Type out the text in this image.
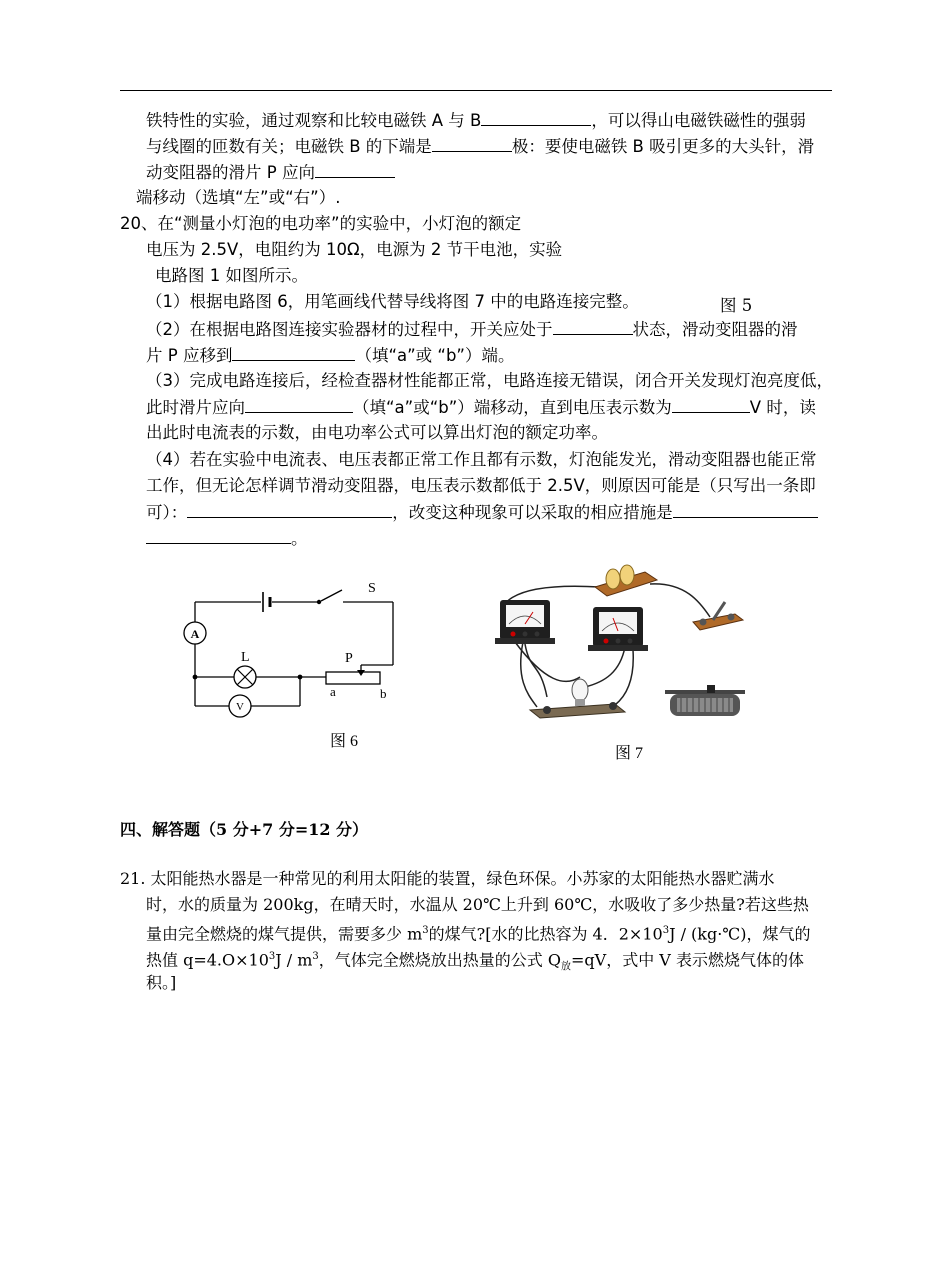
铁特性的实验，通过观察和比较电磁铁 A 与 B	，可以得山电磁铁磁性的强弱
与线圈的匝数有关；电磁铁 B 的下端是	极：要使电磁铁 B 吸引更多的大头针，滑
动变阻器的滑片 P 应向
端移动（选填“左”或“右”）.
20、在“测量小灯泡的电功率”的实验中，小灯泡的额定
电压为 2.5V，电阻约为 10Ω，电源为 2 节干电池，实验
电路图 1 如图所示。
（1）根据电路图 6，用笔画线代替导线将图 7 中的电路连接完整。	图 5
（2）在根据电路图连接实验器材的过程中，开关应处于	状态，滑动变阻器的滑
片 P 应移到	（填“a”或 “b”）端。
（3）完成电路连接后，经检查器材性能都正常，电路连接无错误，闭合开关发现灯泡亮度低，
此时滑片应向	（填“a”或“b”）端移动，直到电压表示数为	V 时，读
出此时电流表的示数，由电功率公式可以算出灯泡的额定功率。
（4）若在实验中电流表、电压表都正常工作且都有示数，灯泡能发光，滑动变阻器也能正常
工作，但无论怎样调节滑动变阻器，电压表示数都低于 2.5V，则原因可能是（只写出一条即
可）：	，改变这种现象可以采取的相应措施是
。
A
V
S
L	P
a	b
图 6
图 7
四、解答题（5 分+7 分=12 分）
21. 太阳能热水器是一种常见的利用太阳能的装置，绿色环保。小苏家的太阳能热水器贮满水
时，水的质量为 200kg，在晴天时，水温从 20℃上升到 60℃，水吸收了多少热量?若这些热
量由完全燃烧的煤气提供，需要多少 $m^3$的煤气?[水的比热容为 4．$2\times 10^3J$ / (kg·℃)，煤气的
热值 $q=4.O\times 10^3J / m^3$，气体完全燃烧放出热量的公式 $Q_放=qV$，式中 V 表示燃烧气体的体
积。]
